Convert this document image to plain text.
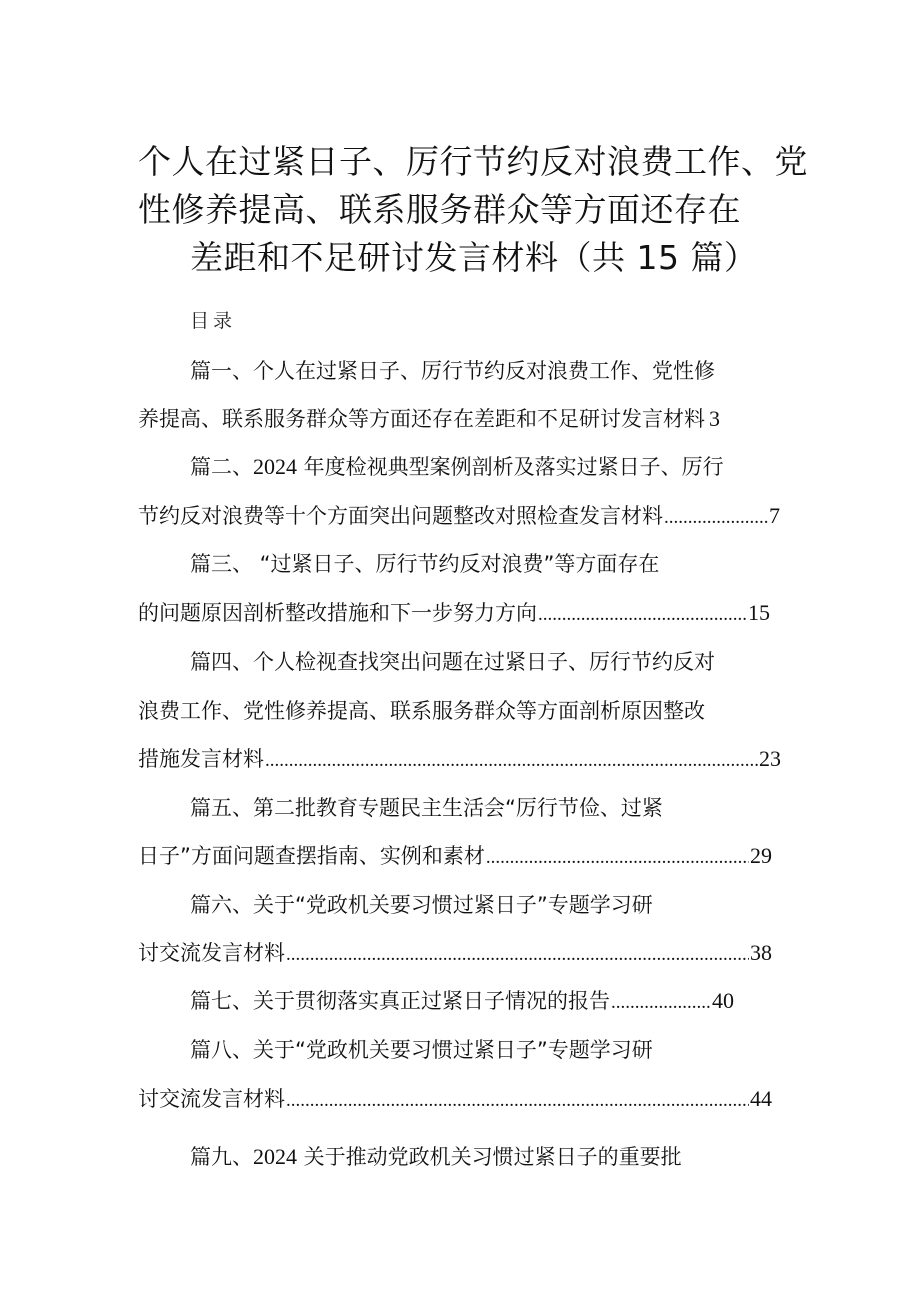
个人在过紧日子、厉行节约反对浪费工作、党
性修养提高、联系服务群众等方面还存在
差距和不足研讨发言材料（共 15 篇）
目录
篇一、个人在过紧日子、厉行节约反对浪费工作、党性修
养提高、联系服务群众等方面还存在差距和不足研讨发言材料 3
篇二、2024 年度检视典型案例剖析及落实过紧日子、厉行
节约反对浪费等十个方面突出问题整改对照检查发言材料 .....	7
篇三、 “过紧日子、厉行节约反对浪费”等方面存在
的问题原因剖析整改措施和下一步努力方向 .....	15
篇四、个人检视查找突出问题在过紧日子、厉行节约反对
浪费工作、党性修养提高、联系服务群众等方面剖析原因整改
措施发言材料 .....	23
篇五、第二批教育专题民主生活会“厉行节俭、过紧
日子”方面问题查摆指南、实例和素材 .....	29
篇六、关于“党政机关要习惯过紧日子”专题学习研
讨交流发言材料 .....	38
篇七、关于贯彻落实真正过紧日子情况的报告 .....	40
篇八、关于“党政机关要习惯过紧日子”专题学习研
讨交流发言材料 .....	44
篇九、2024 关于推动党政机关习惯过紧日子的重要批
